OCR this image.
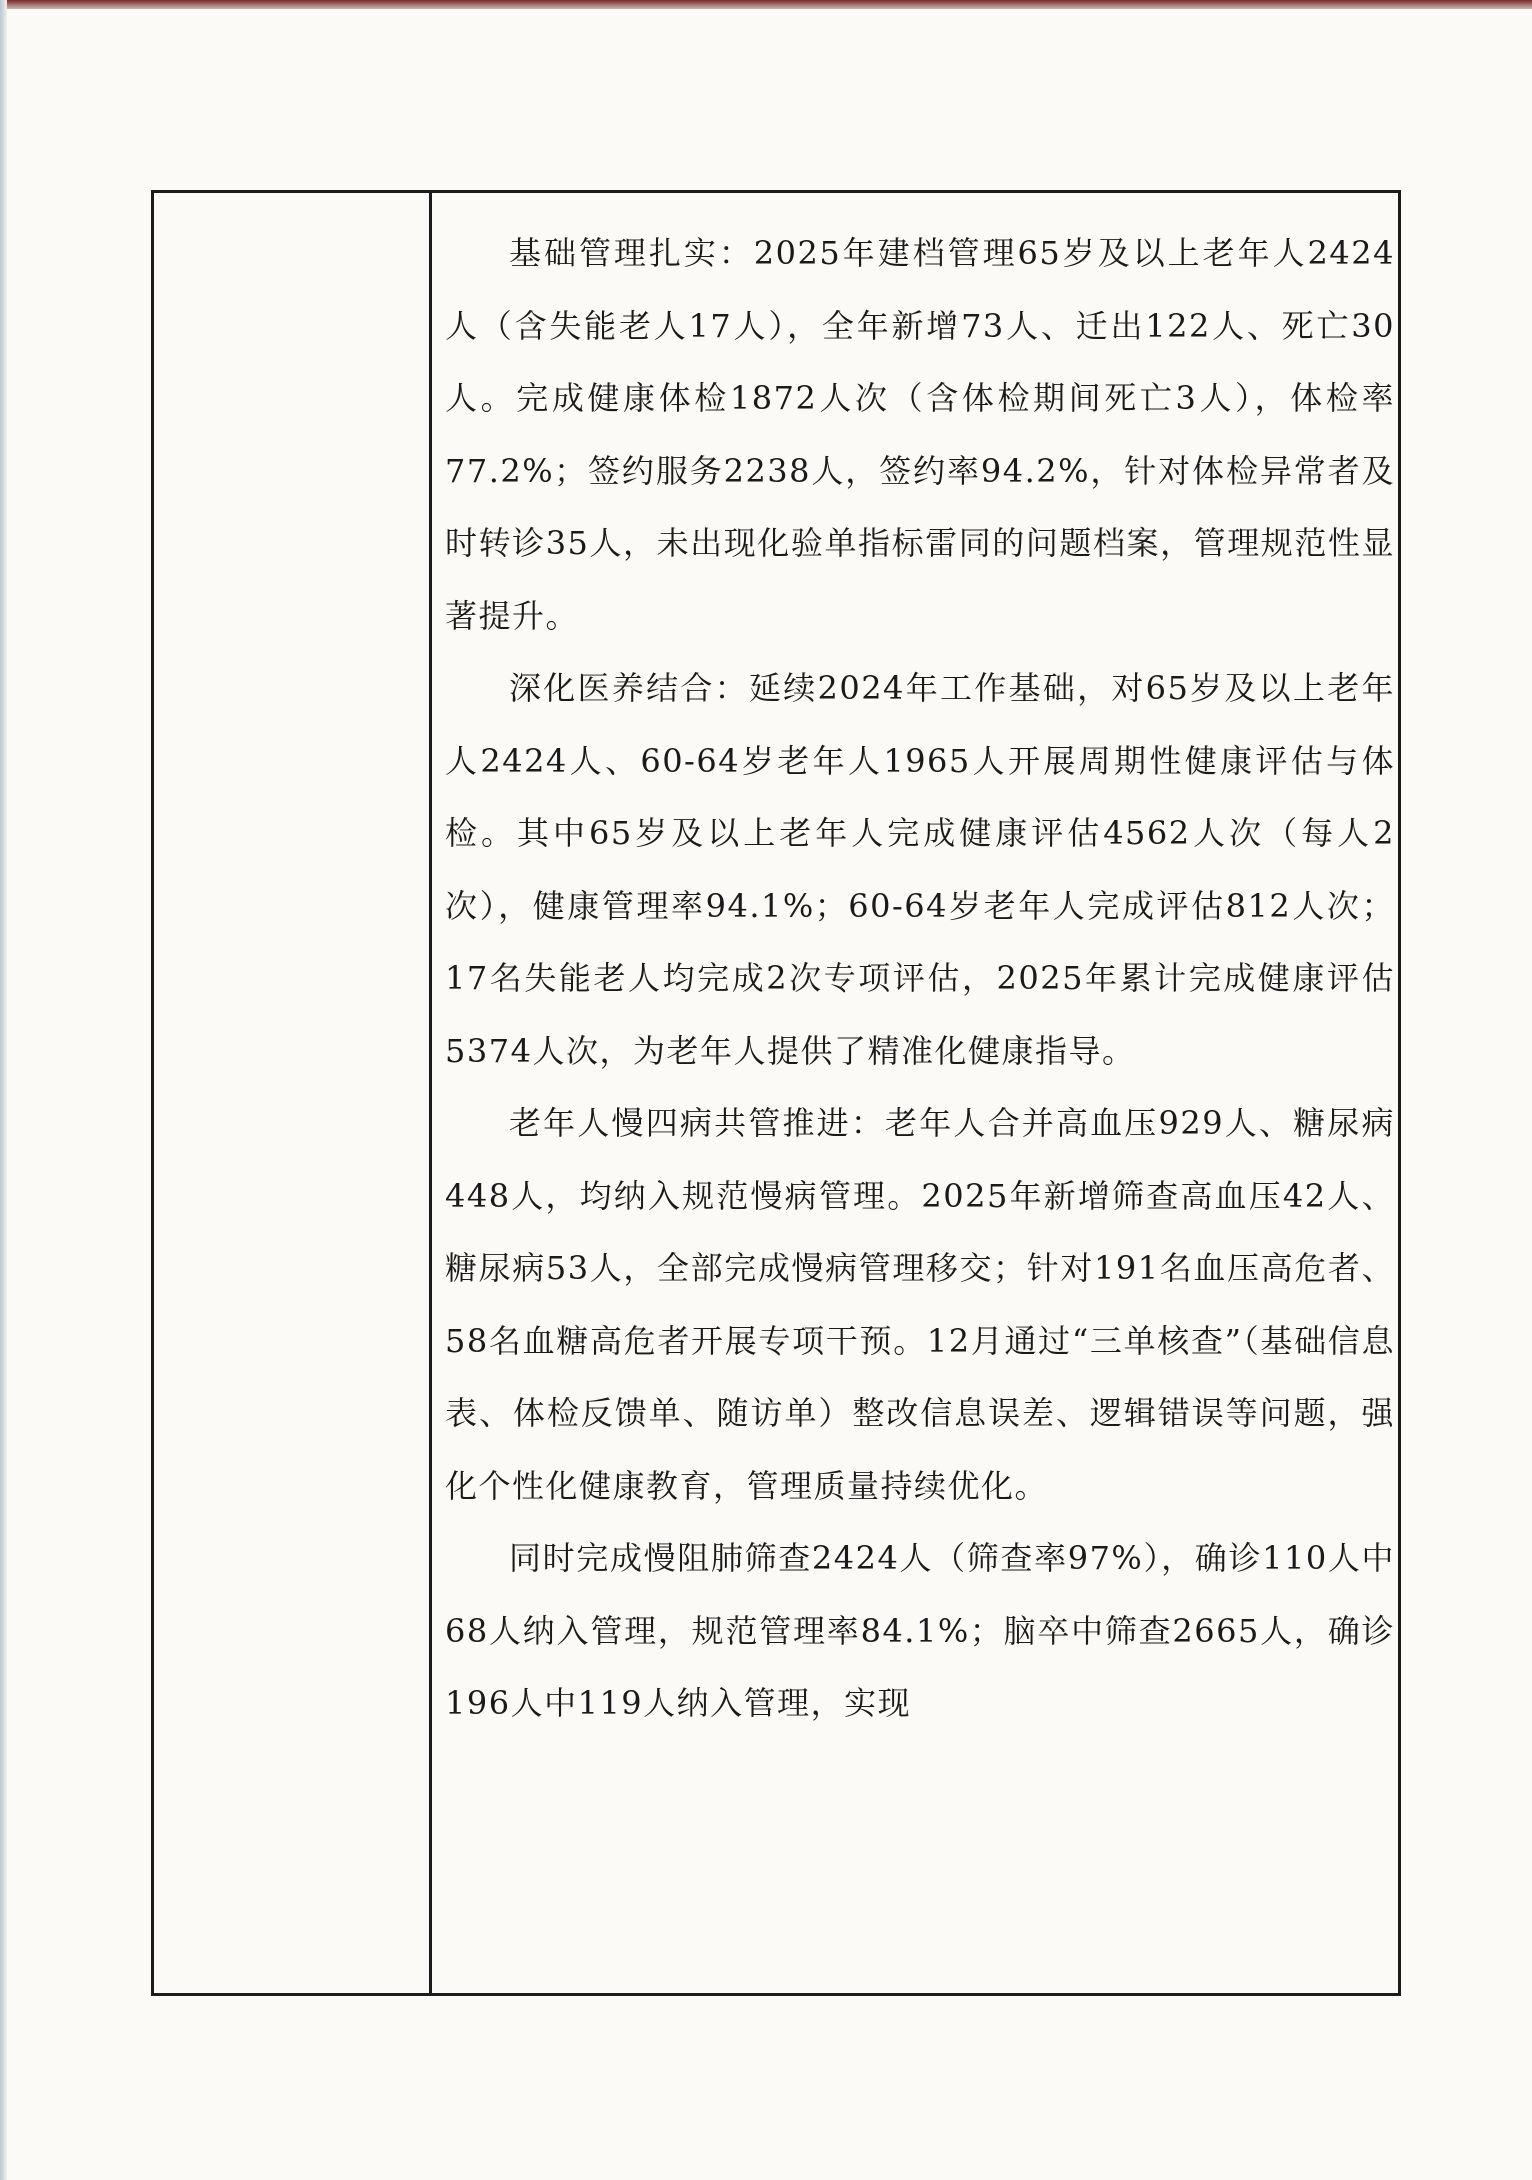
基础管理扎实：2025年建档管理65岁及以上老年人2424人（含失能老人17人），全年新增73人、迁出122人、死亡30人。完成健康体检1872人次（含体检期间死亡3人），体检率77.2%；签约服务2238人，签约率94.2%，针对体检异常者及时转诊35人，未出现化验单指标雷同的问题档案，管理规范性显著提升。

深化医养结合：延续2024年工作基础，对65岁及以上老年人2424人、60-64岁老年人1965人开展周期性健康评估与体检。其中65岁及以上老年人完成健康评估4562人次（每人2次），健康管理率94.1%；60-64岁老年人完成评估812人次；17名失能老人均完成2次专项评估，2025年累计完成健康评估5374人次，为老年人提供了精准化健康指导。

老年人慢四病共管推进：老年人合并高血压929人、糖尿病448人，均纳入规范慢病管理。2025年新增筛查高血压42人、糖尿病53人，全部完成慢病管理移交；针对191名血压高危者、58名血糖高危者开展专项干预。12月通过“三单核查”（基础信息表、体检反馈单、随访单）整改信息误差、逻辑错误等问题，强化个性化健康教育，管理质量持续优化。

同时完成慢阻肺筛查2424人（筛查率97%），确诊110人中68人纳入管理，规范管理率84.1%；脑卒中筛查2665人，确诊196人中119人纳入管理，实现
